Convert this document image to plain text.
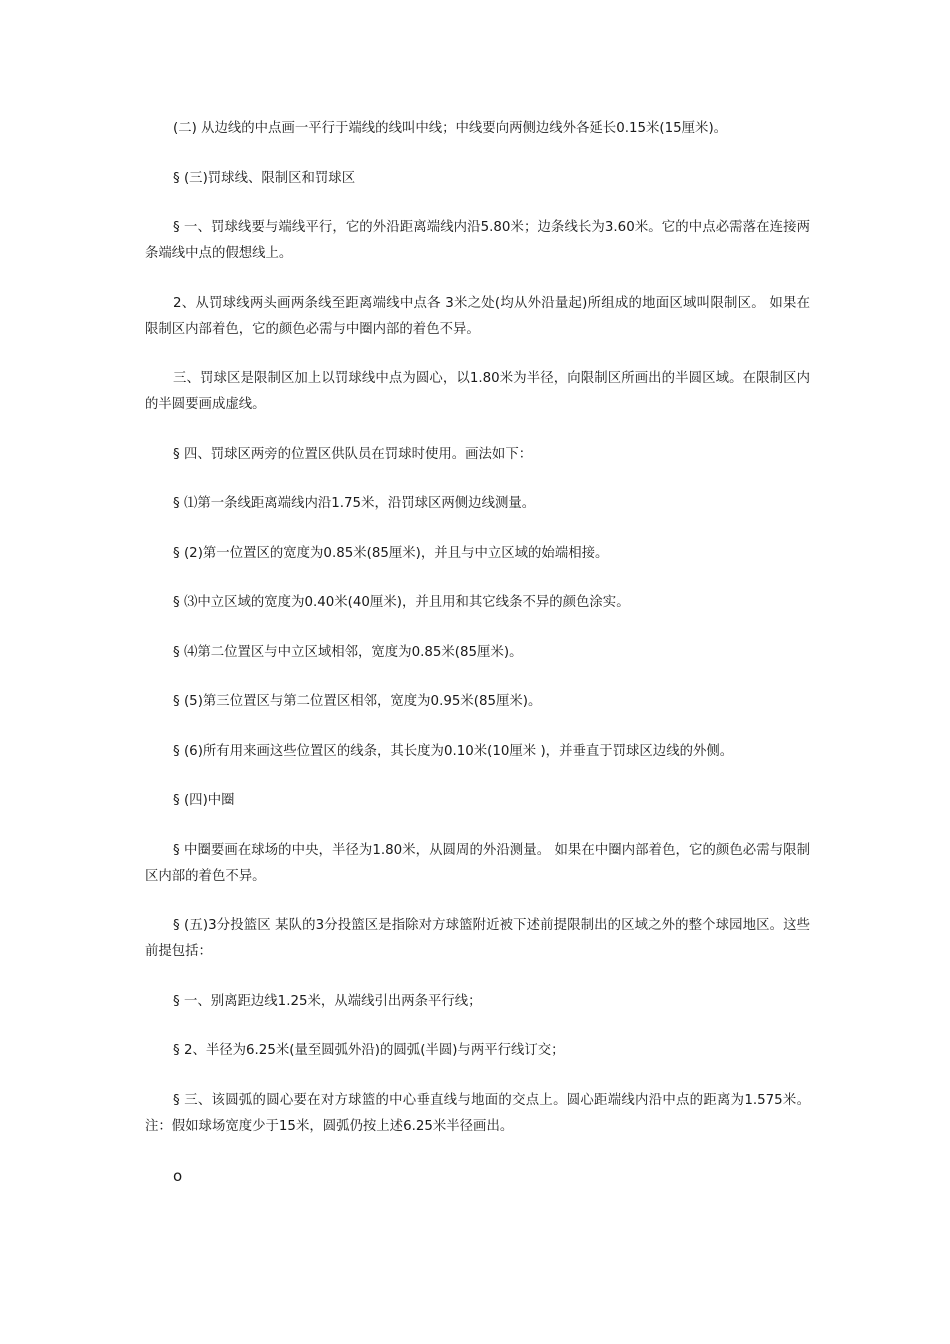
(二) 从边线的中点画一平行于端线的线叫中线；中线要向两侧边线外各延长0.15米(15厘米)。

§ (三)罚球线、限制区和罚球区

§ 一、罚球线要与端线平行，它的外沿距离端线内沿5.80米；边条线长为3.60米。它的中点必需落在连接两条端线中点的假想线上。

2、从罚球线两头画两条线至距离端线中点各 3米之处(均从外沿量起)所组成的地面区域叫限制区。 如果在限制区内部着色，它的颜色必需与中圈内部的着色不异。

三、罚球区是限制区加上以罚球线中点为圆心，以1.80米为半径，向限制区所画出的半圆区域。在限制区内的半圆要画成虚线。

§ 四、罚球区两旁的位置区供队员在罚球时使用。画法如下：

§ ⑴第一条线距离端线内沿1.75米，沿罚球区两侧边线测量。

§ (2)第一位置区的宽度为0.85米(85厘米)，并且与中立区域的始端相接。

§ ⑶中立区域的宽度为0.40米(40厘米)，并且用和其它线条不异的颜色涂实。

§ ⑷第二位置区与中立区域相邻，宽度为0.85米(85厘米)。

§ (5)第三位置区与第二位置区相邻，宽度为0.95米(85厘米)。

§ (6)所有用来画这些位置区的线条，其长度为0.10米(10厘米 )，并垂直于罚球区边线的外侧。

§ (四)中圈

§ 中圈要画在球场的中央，半径为1.80米，从圆周的外沿测量。 如果在中圈内部着色，它的颜色必需与限制区内部的着色不异。

§ (五)3分投篮区 某队的3分投篮区是指除对方球篮附近被下述前提限制出的区域之外的整个球园地区。这些前提包括：

§ 一、别离距边线1.25米，从端线引出两条平行线；

§ 2、半径为6.25米(量至圆弧外沿)的圆弧(半圆)与两平行线订交；

§ 三、该圆弧的圆心要在对方球篮的中心垂直线与地面的交点上。圆心距端线内沿中点的距离为1.575米。 注：假如球场宽度少于15米，圆弧仍按上述6.25米半径画出。

o
